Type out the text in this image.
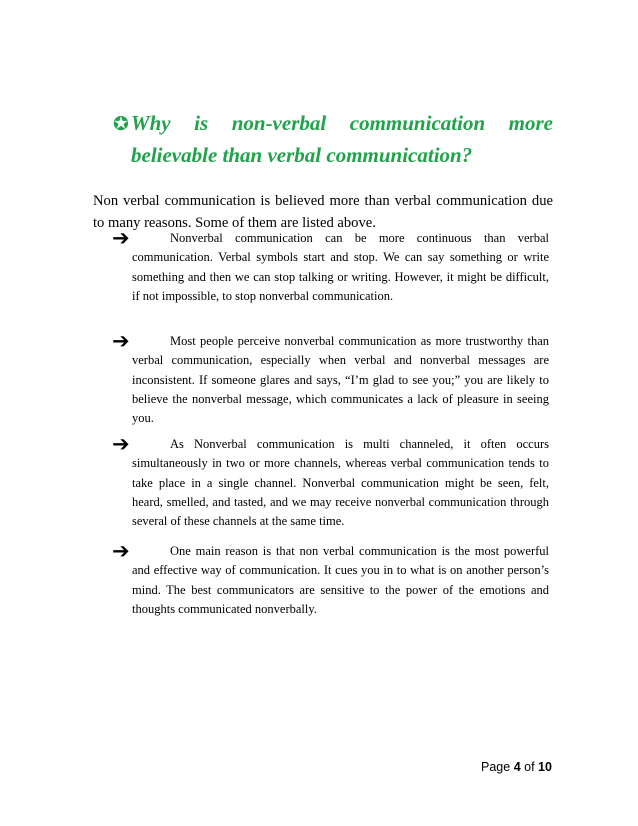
✪Why is non-verbal communication more
believable than verbal communication?

Non verbal communication is believed more than verbal communication due to many reasons. Some of them are listed above.

➔	Nonverbal communication can be more continuous than verbal communication. Verbal symbols start and stop. We can say something or write something and then we can stop talking or writing. However, it might be difficult, if not impossible, to stop nonverbal communication.

➔	Most people perceive nonverbal communication as more trustworthy than verbal communication, especially when verbal and nonverbal messages are inconsistent. If someone glares and says, “I’m glad to see you;” you are likely to believe the nonverbal message, which communicates a lack of pleasure in seeing you.

➔	As Nonverbal communication is multi channeled, it often occurs simultaneously in two or more channels, whereas verbal communication tends to take place in a single channel. Nonverbal communication might be seen, felt, heard, smelled, and tasted, and we may receive nonverbal communication through several of these channels at the same time.

➔	One main reason is that non verbal communication is the most powerful and effective way of communication. It cues you in to what is on another person’s mind. The best communicators are sensitive to the power of the emotions and thoughts communicated nonverbally.

Page 4 of 10
